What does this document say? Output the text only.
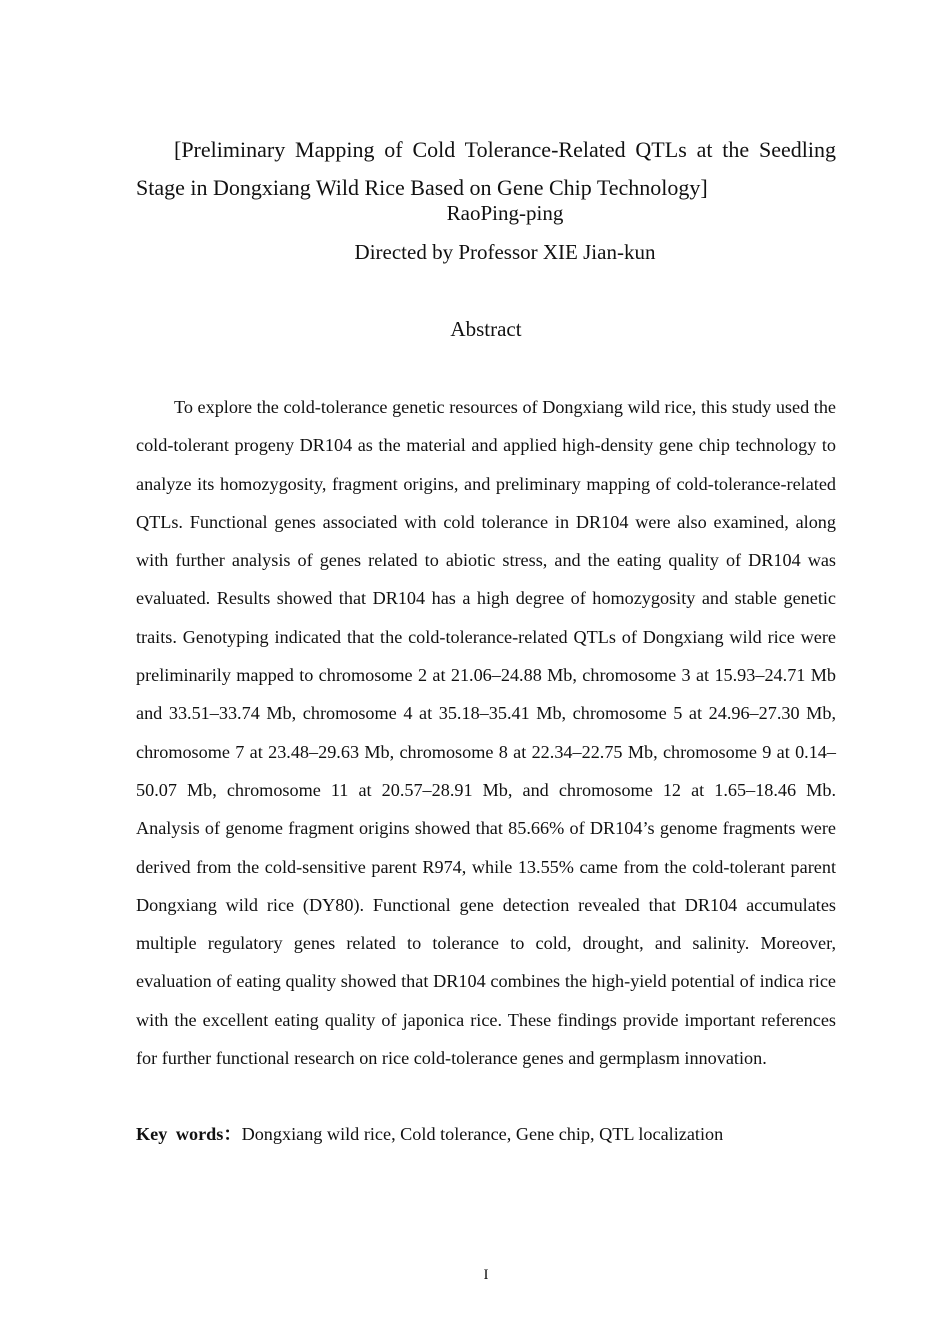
[Preliminary Mapping of Cold Tolerance-Related QTLs at the Seedling Stage in Dongxiang Wild Rice Based on Gene Chip Technology]

RaoPing-ping

Directed by Professor XIE Jian-kun

Abstract

To explore the cold-tolerance genetic resources of Dongxiang wild rice, this study used the cold-tolerant progeny DR104 as the material and applied high-density gene chip technology to analyze its homozygosity, fragment origins, and preliminary mapping of cold-tolerance-related QTLs. Functional genes associated with cold tolerance in DR104 were also examined, along with further analysis of genes related to abiotic stress, and the eating quality of DR104 was evaluated. Results showed that DR104 has a high degree of homozygosity and stable genetic traits. Genotyping indicated that the cold-tolerance-related QTLs of Dongxiang wild rice were preliminarily mapped to chromosome 2 at 21.06–24.88 Mb, chromosome 3 at 15.93–24.71 Mb and 33.51–33.74 Mb, chromosome 4 at 35.18–35.41 Mb, chromosome 5 at 24.96–27.30 Mb, chromosome 7 at 23.48–29.63 Mb, chromosome 8 at 22.34–22.75 Mb, chromosome 9 at 0.14–50.07 Mb, chromosome 11 at 20.57–28.91 Mb, and chromosome 12 at 1.65–18.46 Mb. Analysis of genome fragment origins showed that 85.66% of DR104’s genome fragments were derived from the cold-sensitive parent R974, while 13.55% came from the cold-tolerant parent Dongxiang wild rice (DY80). Functional gene detection revealed that DR104 accumulates multiple regulatory genes related to tolerance to cold, drought, and salinity. Moreover, evaluation of eating quality showed that DR104 combines the high-yield potential of indica rice with the excellent eating quality of japonica rice. These findings provide important references for further functional research on rice cold-tolerance genes and germplasm innovation.

Key words：Dongxiang wild rice, Cold tolerance, Gene chip, QTL localization

I
